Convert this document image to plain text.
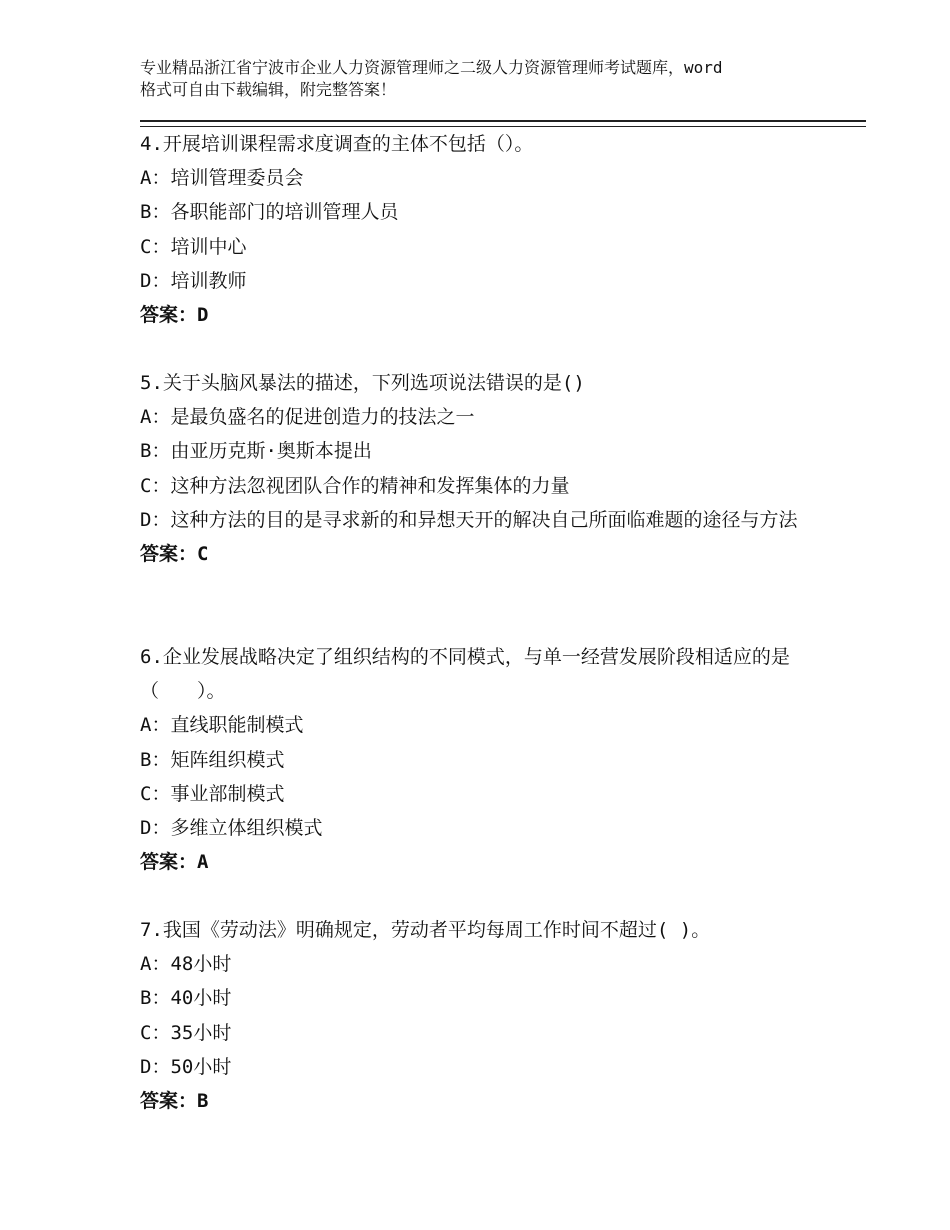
专业精品浙江省宁波市企业人力资源管理师之二级人力资源管理师考试题库，word
格式可自由下载编辑，附完整答案！
4.开展培训课程需求度调查的主体不包括（）。
A：培训管理委员会
B：各职能部门的培训管理人员
C：培训中心
D：培训教师
答案：D
5.关于头脑风暴法的描述，下列选项说法错误的是()
A：是最负盛名的促进创造力的技法之一
B：由亚历克斯·奥斯本提出
C：这种方法忽视团队合作的精神和发挥集体的力量
D：这种方法的目的是寻求新的和异想天开的解决自己所面临难题的途径与方法
答案：C
6.企业发展战略决定了组织结构的不同模式，与单一经营发展阶段相适应的是（　　）。
A：直线职能制模式
B：矩阵组织模式
C：事业部制模式
D：多维立体组织模式
答案：A
7.我国《劳动法》明确规定，劳动者平均每周工作时间不超过( )。
A：48小时
B：40小时
C：35小时
D：50小时
答案：B
